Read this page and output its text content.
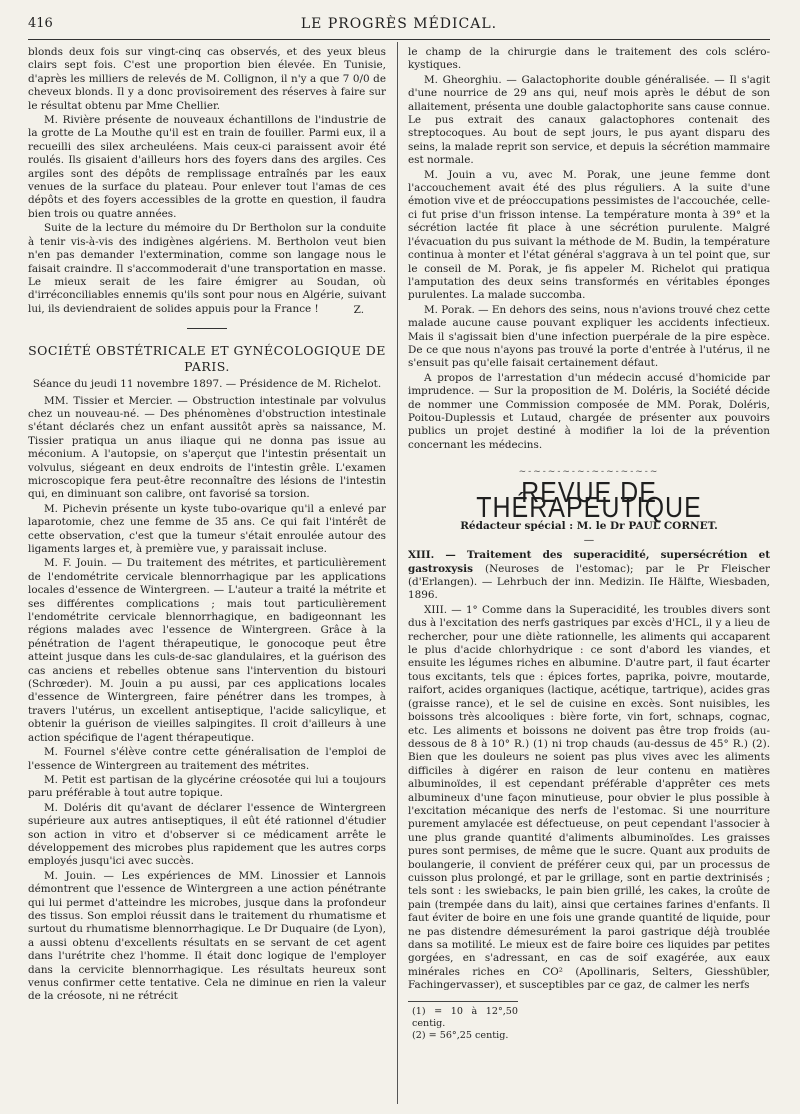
416	LE PROGRÈS MÉDICAL.

blonds deux fois sur vingt-cinq cas observés, et des yeux bleus clairs sept fois. C'est une proportion bien élevée. En Tunisie, d'après les milliers de relevés de M. Collignon, il n'y a que 7 0/0 de cheveux blonds. Il y a donc provisoirement des réserves à faire sur le résultat obtenu par Mme Chellier.

M. Rivière présente de nouveaux échantillons de l'industrie de la grotte de La Mouthe qu'il est en train de fouiller. Parmi eux, il a recueilli des silex archeuléens. Mais ceux-ci paraissent avoir été roulés. Ils gisaient d'ailleurs hors des foyers dans des argiles. Ces argiles sont des dépôts de remplissage entraînés par les eaux venues de la surface du plateau. Pour enlever tout l'amas de ces dépôts et des foyers accessibles de la grotte en question, il faudra bien trois ou quatre années.

Suite de la lecture du mémoire du Dr Bertholon sur la conduite à tenir vis-à-vis des indigènes algériens. M. Bertholon veut bien n'en pas demander l'extermination, comme son langage nous le faisait craindre. Il s'accommoderait d'une transportation en masse. Le mieux serait de les faire émigrer au Soudan, où d'irréconciliables ennemis qu'ils sont pour nous en Algérie, suivant lui, ils deviendraient de solides appuis pour la France !	Z.
SOCIÉTÉ OBSTÉTRICALE ET GYNÉCOLOGIQUE DE PARIS.
Séance du jeudi 11 novembre 1897. — Présidence de M. Richelot.

MM. Tissier et Mercier. — Obstruction intestinale par volvulus chez un nouveau-né. — Des phénomènes d'obstruction intestinale s'étant déclarés chez un enfant aussitôt après sa naissance, M. Tissier pratiqua un anus iliaque qui ne donna pas issue au méconium. A l'autopsie, on s'aperçut que l'intestin présentait un volvulus, siégeant en deux endroits de l'intestin grêle. L'examen microscopique fera peut-être reconnaître des lésions de l'intestin qui, en diminuant son calibre, ont favorisé sa torsion.

M. Pichevin présente un kyste tubo-ovarique qu'il a enlevé par laparotomie, chez une femme de 35 ans. Ce qui fait l'intérêt de cette observation, c'est que la tumeur s'était enroulée autour des ligaments larges et, à première vue, y paraissait incluse.

M. F. Jouin. — Du traitement des métrites, et particulièrement de l'endométrite cervicale blennorrhagique par les applications locales d'essence de Wintergreen. — L'auteur a traité la métrite et ses différentes complications ; mais tout particulièrement l'endométrite cervicale blennorrhagique, en badigeonnant les régions malades avec l'essence de Wintergreen. Grâce à la pénétration de l'agent thérapeutique, le gonocoque peut être atteint jusque dans les culs-de-sac glandulaires, et la guérison des cas anciens et rebelles obtenue sans l'intervention du bistouri (Schrœder). M. Jouin a pu aussi, par ces applications locales d'essence de Wintergreen, faire pénétrer dans les trompes, à travers l'utérus, un excellent antiseptique, l'acide salicylique, et obtenir la guérison de vieilles salpingites. Il croit d'ailleurs à une action spécifique de l'agent thérapeutique.

M. Fournel s'élève contre cette généralisation de l'emploi de l'essence de Wintergreen au traitement des métrites.

M. Petit est partisan de la glycérine créosotée qui lui a toujours paru préférable à tout autre topique.

M. Doléris dit qu'avant de déclarer l'essence de Wintergreen supérieure aux autres antiseptiques, il eût été rationnel d'étudier son action in vitro et d'observer si ce médicament arrête le développement des microbes plus rapidement que les autres corps employés jusqu'ici avec succès.

M. Jouin. — Les expériences de MM. Linossier et Lannois démontrent que l'essence de Wintergreen a une action pénétrante qui lui permet d'atteindre les microbes, jusque dans la profondeur des tissus. Son emploi réussit dans le traitement du rhumatisme et surtout du rhumatisme blennorrhagique. Le Dr Duquaire (de Lyon), a aussi obtenu d'excellents résultats en se servant de cet agent dans l'urétrite chez l'homme. Il était donc logique de l'employer dans la cervicite blennorrhagique. Les résultats heureux sont venus confirmer cette tentative. Cela ne diminue en rien la valeur de la créosote, ni ne rétrécit

le champ de la chirurgie dans le traitement des cols scléro-kystiques.

M. Gheorghiu. — Galactophorite double généralisée. — Il s'agit d'une nourrice de 29 ans qui, neuf mois après le début de son allaitement, présenta une double galactophorite sans cause connue. Le pus extrait des canaux galactophores contenait des streptocoques. Au bout de sept jours, le pus ayant disparu des seins, la malade reprit son service, et depuis la sécrétion mammaire est normale.

M. Jouin a vu, avec M. Porak, une jeune femme dont l'accouchement avait été des plus réguliers. A la suite d'une émotion vive et de préoccupations pessimistes de l'accouchée, celle-ci fut prise d'un frisson intense. La température monta à 39° et la sécrétion lactée fit place à une sécrétion purulente. Malgré l'évacuation du pus suivant la méthode de M. Budin, la température continua à monter et l'état général s'aggrava à un tel point que, sur le conseil de M. Porak, je fis appeler M. Richelot qui pratiqua l'amputation des deux seins transformés en véritables éponges purulentes. La malade succomba.

M. Porak. — En dehors des seins, nous n'avions trouvé chez cette malade aucune cause pouvant expliquer les accidents infectieux. Mais il s'agissait bien d'une infection puerpérale de la pire espèce. De ce que nous n'ayons pas trouvé la porte d'entrée à l'utérus, il ne s'ensuit pas qu'elle faisait certainement défaut.

A propos de l'arrestation d'un médecin accusé d'homicide par imprudence. — Sur la proposition de M. Doléris, la Société décide de nommer une Commission composée de MM. Porak, Doléris, Poitou-Duplessis et Lutaud, chargée de présenter aux pouvoirs publics un projet destiné à modifier la loi de la prévention concernant les médecins.

~-~-~-~-~-~-~-~-~-~
REVUE DE THÉRAPEUTIQUE
Rédacteur spécial : M. le Dr PAUL CORNET.
—

XIII. — Traitement des superacidité, supersécrétion et gastroxysis (Neuroses de l'estomac); par le Pr Fleischer (d'Erlangen). — Lehrbuch der inn. Medizin. IIe Hälfte, Wiesbaden, 1896.

XIII. — 1° Comme dans la Superacidité, les troubles divers sont dus à l'excitation des nerfs gastriques par excès d'HCL, il y a lieu de rechercher, pour une diète rationnelle, les aliments qui accaparent le plus d'acide chlorhydrique : ce sont d'abord les viandes, et ensuite les légumes riches en albumine. D'autre part, il faut écarter tous excitants, tels que : épices fortes, paprika, poivre, moutarde, raifort, acides organiques (lactique, acétique, tartrique), acides gras (graisse rance), et le sel de cuisine en excès. Sont nuisibles, les boissons très alcooliques : bière forte, vin fort, schnaps, cognac, etc. Les aliments et boissons ne doivent pas être trop froids (au-dessous de 8 à 10° R.) (1) ni trop chauds (au-dessus de 45° R.) (2). Bien que les douleurs ne soient pas plus vives avec les aliments difficiles à digérer en raison de leur contenu en matières albuminoïdes, il est cependant préférable d'apprêter ces mets albumineux d'une façon minutieuse, pour obvier le plus possible à l'excitation mécanique des nerfs de l'estomac. Si une nourriture purement amylacée est défectueuse, on peut cependant l'associer à une plus grande quantité d'aliments albuminoïdes. Les graisses pures sont permises, de même que le sucre. Quant aux produits de boulangerie, il convient de préférer ceux qui, par un processus de cuisson plus prolongé, et par le grillage, sont en partie dextrinisés ; tels sont : les swiebacks, le pain bien grillé, les cakes, la croûte de pain (trempée dans du lait), ainsi que certaines farines d'enfants. Il faut éviter de boire en une fois une grande quantité de liquide, pour ne pas distendre démesurément la paroi gastrique déjà troublée dans sa motilité. Le mieux est de faire boire ces liquides par petites gorgées, en s'adressant, en cas de soif exagérée, aux eaux minérales riches en CO² (Apollinaris, Selters, Giesshübler, Fachingervasser), et susceptibles par ce gaz, de calmer les nerfs

(1) = 10 à 12°,50 centig.
(2) = 56°,25 centig.
